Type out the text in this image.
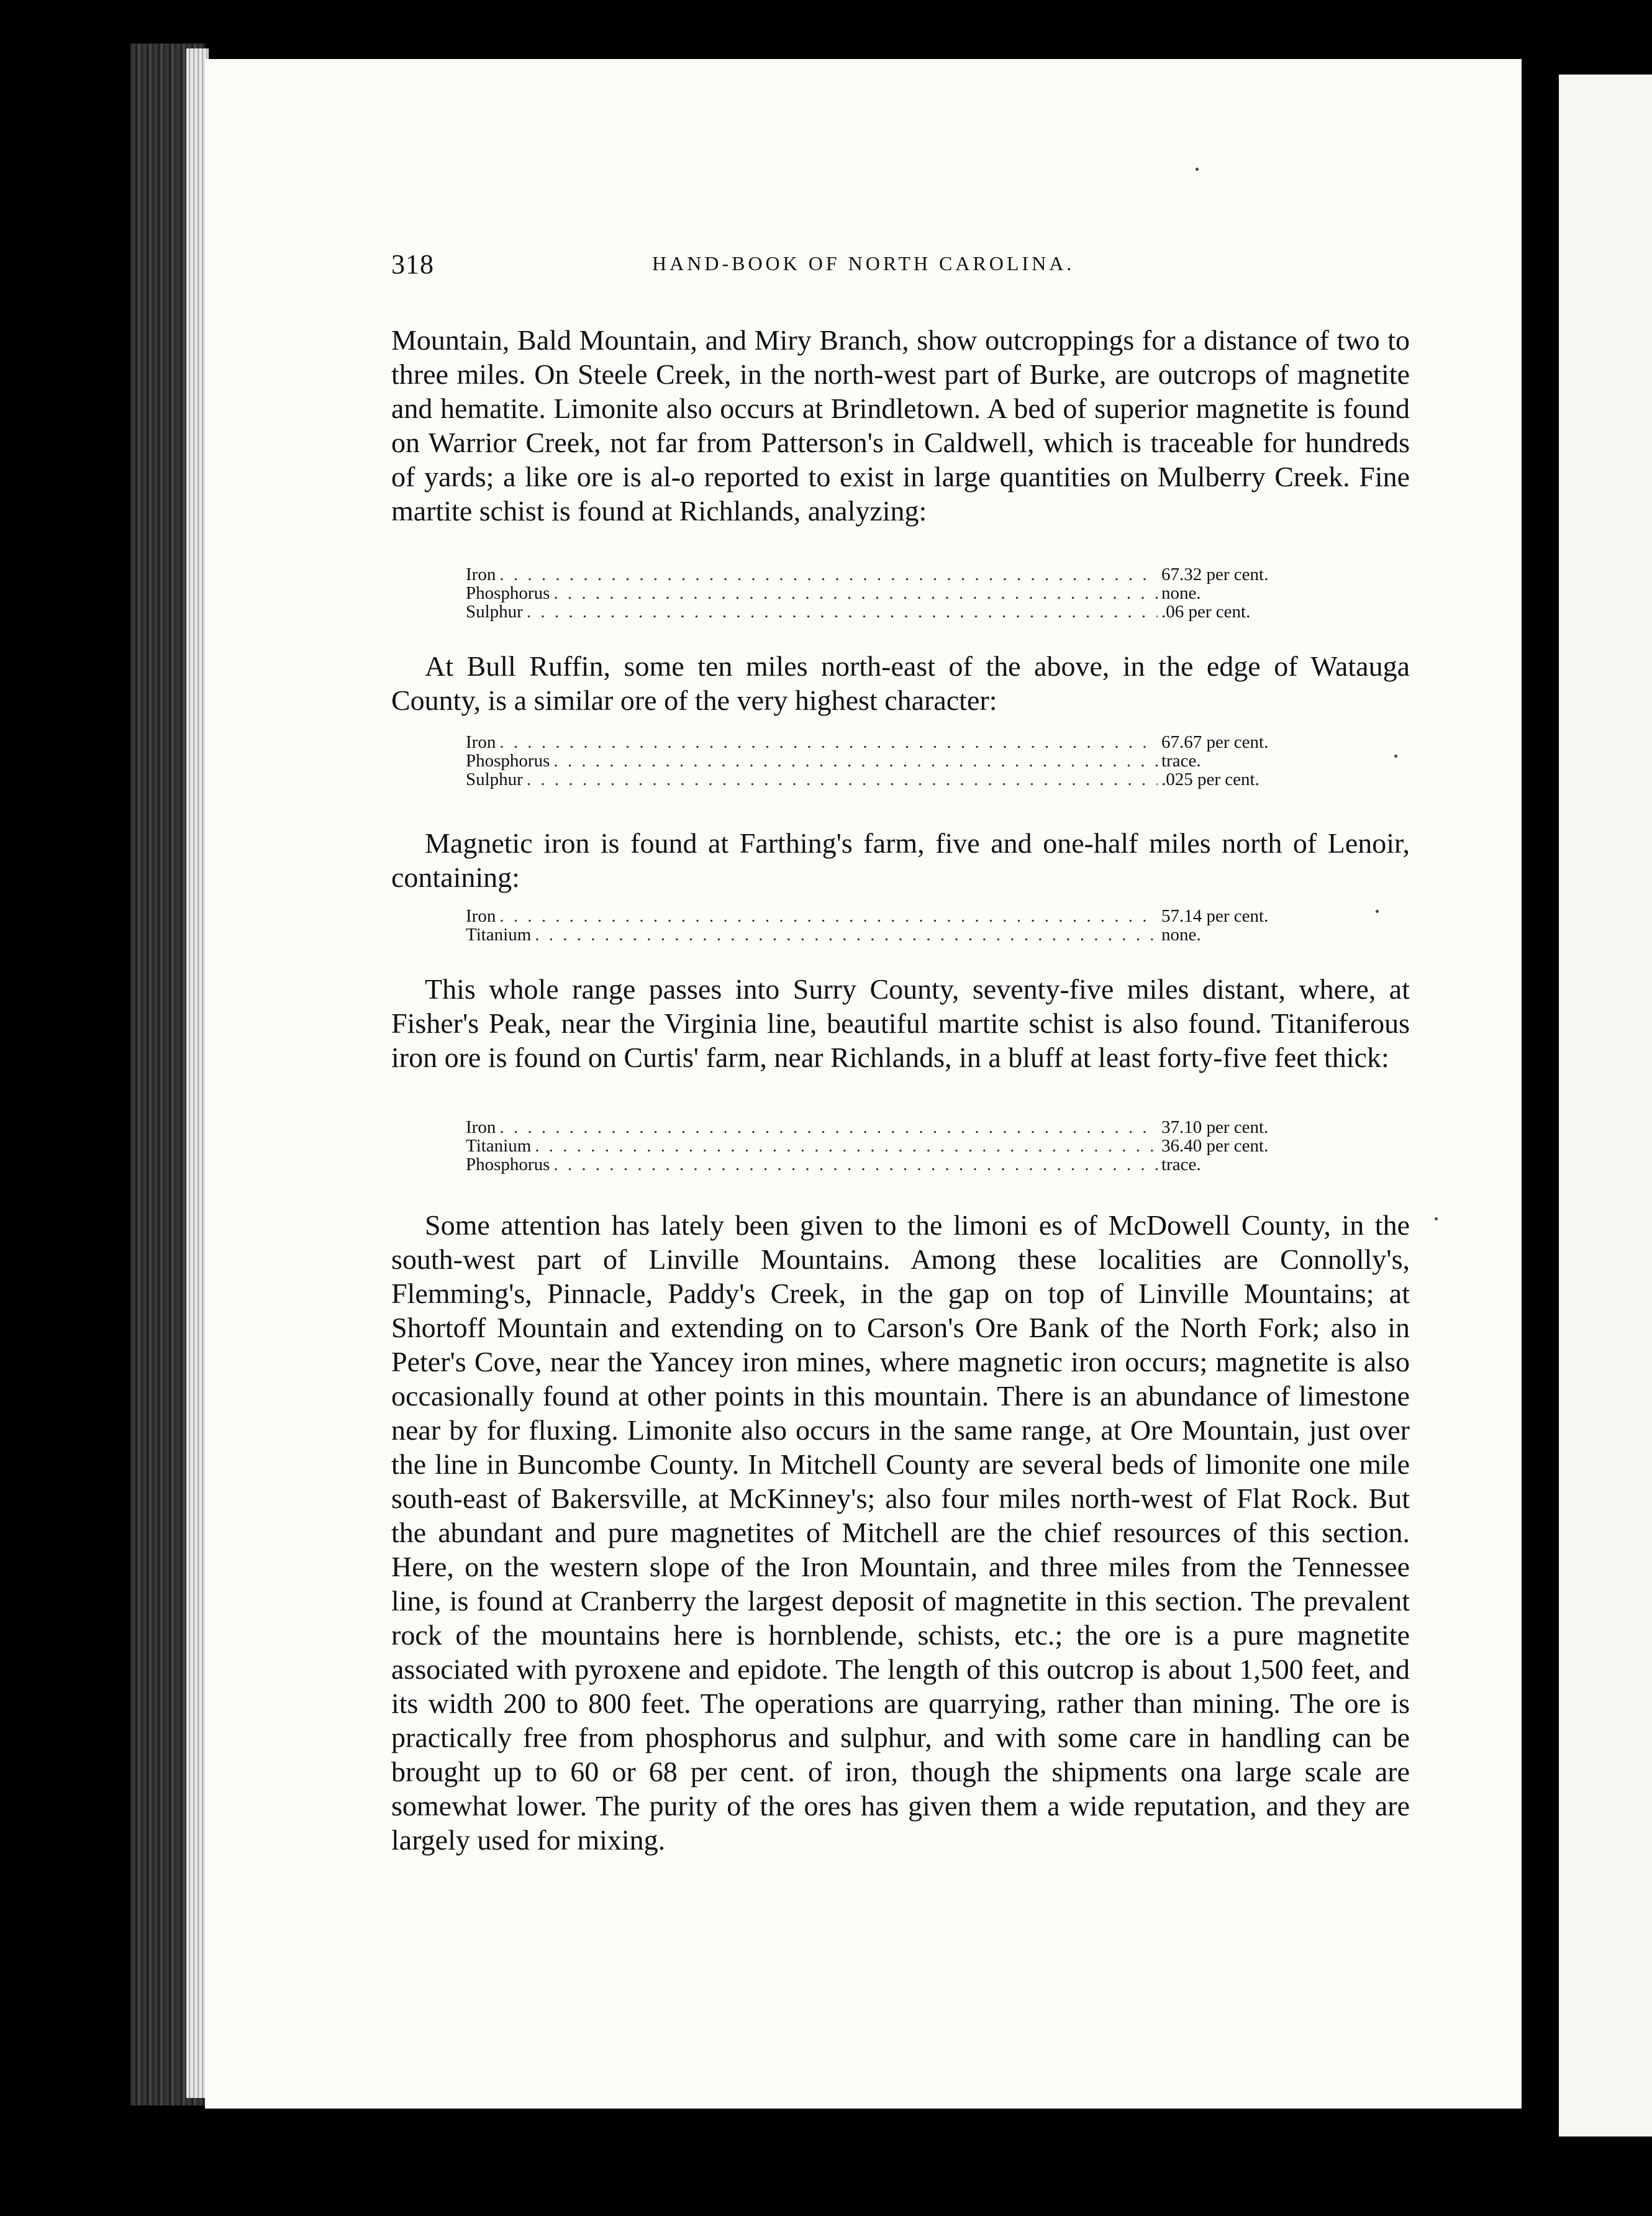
318	HAND-BOOK OF NORTH CAROLINA.
Mountain, Bald Mountain, and Miry Branch, show outcroppings for a distance of two to three miles. On Steele Creek, in the north-west part of Burke, are outcrops of magnetite and hematite. Limonite also occurs at Brindletown. A bed of superior magnetite is found on Warrior Creek, not far from Patterson's in Caldwell, which is traceable for hundreds of yards; a like ore is al-o reported to exist in large quantities on Mulberry Creek. Fine martite schist is found at Richlands, analyzing:
Iron . . .	67.32 per cent.
Phosphorus . . .	none.
Sulphur . . .	.06 per cent.
At Bull Ruffin, some ten miles north-east of the above, in the edge of Watauga County, is a similar ore of the very highest character:
Iron . . .	67.67 per cent.
Phosphorus . . .	trace.
Sulphur . . .	.025 per cent.
Magnetic iron is found at Farthing's farm, five and one-half miles north of Lenoir, containing:
Iron . . .	57.14 per cent.
Titanium . . .	none.
This whole range passes into Surry County, seventy-five miles distant, where, at Fisher's Peak, near the Virginia line, beautiful martite schist is also found. Titaniferous iron ore is found on Curtis' farm, near Richlands, in a bluff at least forty-five feet thick:
Iron . . .	37.10 per cent.
Titanium . . .	36.40 per cent.
Phosphorus . . .	trace.
Some attention has lately been given to the limoni es of McDowell County, in the south-west part of Linville Mountains. Among these localities are Connolly's, Flemming's, Pinnacle, Paddy's Creek, in the gap on top of Linville Mountains; at Shortoff Mountain and extending on to Carson's Ore Bank of the North Fork; also in Peter's Cove, near the Yancey iron mines, where magnetic iron occurs; magnetite is also occasionally found at other points in this mountain. There is an abundance of limestone near by for fluxing. Limonite also occurs in the same range, at Ore Mountain, just over the line in Buncombe County. In Mitchell County are several beds of limonite one mile south-east of Bakersville, at McKinney's; also four miles north-west of Flat Rock. But the abundant and pure magnetites of Mitchell are the chief resources of this section. Here, on the western slope of the Iron Mountain, and three miles from the Tennessee line, is found at Cranberry the largest deposit of magnetite in this section. The prevalent rock of the mountains here is hornblende, schists, etc.; the ore is a pure magnetite associated with pyroxene and epidote. The length of this outcrop is about 1,500 feet, and its width 200 to 800 feet. The operations are quarrying, rather than mining. The ore is practically free from phosphorus and sulphur, and with some care in handling can be brought up to 60 or 68 per cent. of iron, though the shipments ona large scale are somewhat lower. The purity of the ores has given them a wide reputation, and they are largely used for mixing.
